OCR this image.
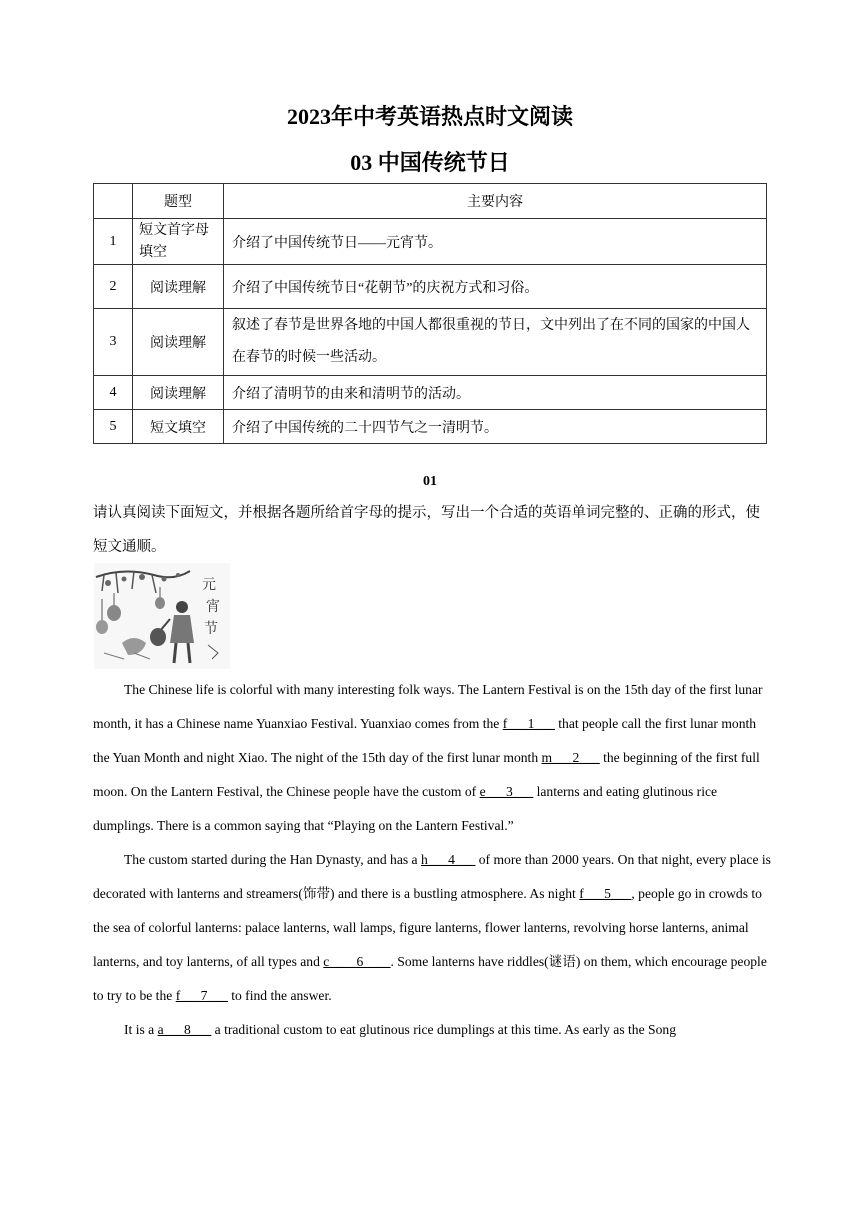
2023年中考英语热点时文阅读
03 中国传统节日
	题型	主要内容
1	短文首字母填空	介绍了中国传统节日——元宵节。
2	阅读理解	介绍了中国传统节日“花朝节”的庆祝方式和习俗。
3	阅读理解	叙述了春节是世界各地的中国人都很重视的节日，文中列出了在不同的国家的中国人在春节的时候一些活动。
4	阅读理解	介绍了清明节的由来和清明节的活动。
5	短文填空	介绍了中国传统的二十四节气之一清明节。
01
请认真阅读下面短文，并根据各题所给首字母的提示，写出一个合适的英语单词完整的、正确的形式，使短文通顺。
元
宵
节

The Chinese life is colorful with many interesting folk ways. The Lantern Festival is on the 15th day of the first lunar month, it has a Chinese name Yuanxiao Festival. Yuanxiao comes from the f___1___ that people call the first lunar month the Yuan Month and night Xiao. The night of the 15th day of the first lunar month m___2___ the beginning of the first full moon. On the Lantern Festival, the Chinese people have the custom of e___3___ lanterns and eating glutinous rice dumplings. There is a common saying that “Playing on the Lantern Festival.”

The custom started during the Han Dynasty, and has a h___4___ of more than 2000 years. On that night, every place is decorated with lanterns and streamers(饰带) and there is a bustling atmosphere. As night f___5___, people go in crowds to the sea of colorful lanterns: palace lanterns, wall lamps, figure lanterns, flower lanterns, revolving horse lanterns, animal lanterns, and toy lanterns, of all types and c____6____. Some lanterns have riddles(谜语) on them, which encourage people to try to be the f___7___ to find the answer.

It is a a___8___ a traditional custom to eat glutinous rice dumplings at this time. As early as the Song
